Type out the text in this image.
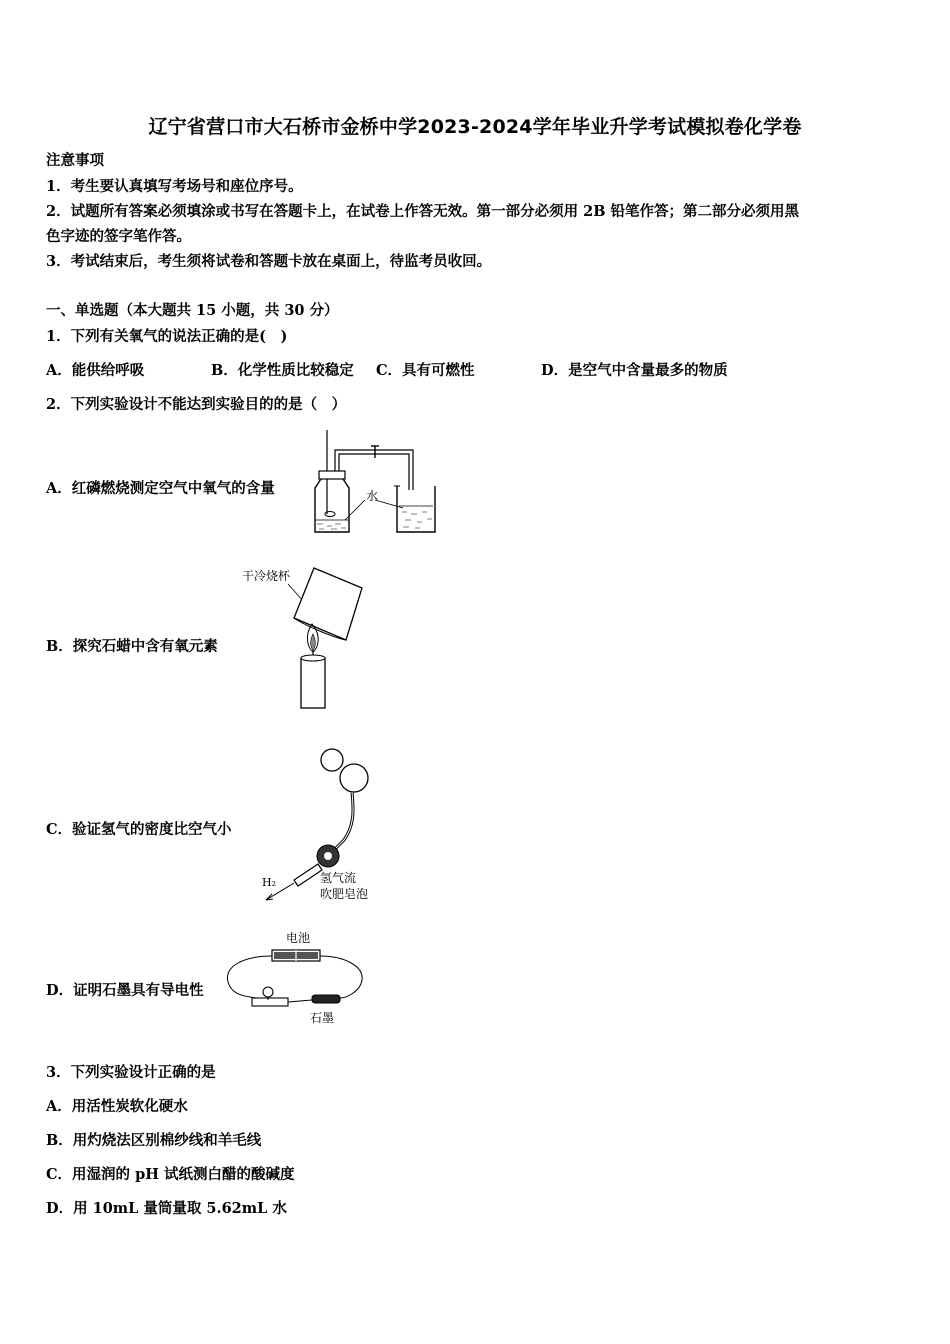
辽宁省营口市大石桥市金桥中学2023-2024学年毕业升学考试模拟卷化学卷
注意事项
1．考生要认真填写考场号和座位序号。
2．试题所有答案必须填涂或书写在答题卡上，在试卷上作答无效。第一部分必须用 2B 铅笔作答；第二部分必须用黑
色字迹的签字笔作答。
3．考试结束后，考生须将试卷和答题卡放在桌面上，待监考员收回。
一、单选题（本大题共 15 小题，共 30 分）
1．下列有关氧气的说法正确的是(　)
A．能供给呼吸	B．化学性质比较稳定 C．具有可燃性	D．是空气中含量最多的物质
2．下列实验设计不能达到实验目的的是（　）
A．红磷燃烧测定空气中氧气的含量	水
B．探究石蜡中含有氧元素
干冷烧杯
C．验证氢气的密度比空气小
H₂	氢气流
吹肥皂泡
D．证明石墨具有导电性
电池
石墨
3．下列实验设计正确的是
A．用活性炭软化硬水
B．用灼烧法区别棉纱线和羊毛线
C．用湿润的 pH 试纸测白醋的酸碱度
D．用 10mL 量筒量取 5.62mL 水
